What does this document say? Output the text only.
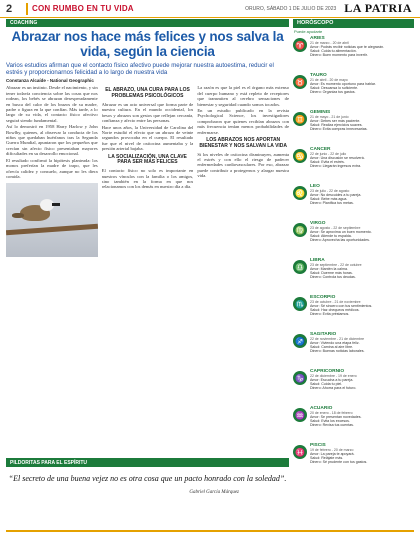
2	CON RUMBO EN TU VIDA	ORURO, SÁBADO 1 DE JULIO DE 2023 LA PATRIA
COACHING
Abrazar nos hace más felices y nos salva la vida, según la ciencia
Varios estudios afirman que el contacto físico afectivo puede mejorar nuestra autoestima, reducir el estrés y proporcionarnos felicidad a lo largo de nuestra vida
Constanza Alcaíde - National Geographic

Abrazar es un instinto. Desde el nacimiento, y sin tener todavía conciencia sobre las cosas que nos rodean, los bebés se abrazan desesperadamente en busca del calor de los brazos de su madre, padre o figura en la que confían. Más tarde, a lo largo de su vida, el contacto físico afectivo seguirá siendo fundamental.

Así lo demostró en 1958 Harry Harlow y John Bowlby, quienes, al observar la conducta de los niños que quedaban huérfanos tras la Segunda Guerra Mundial, apuntaron que los pequeños que crecían sin afecto físico presentaban mayores dificultades en su desarrollo emocional.

El resultado confirmó la hipótesis planteada: los monos preferían la madre de trapo, que les ofrecía calidez y consuelo, aunque no les diera comida.

EL ABRAZO, UNA CURA PARA LOS PROBLEMAS PSICOLÓGICOS

Abrazar es un acto universal que forma parte de nuestra cultura. En el mundo occidental, los besos y abrazos son gestos que reflejan cercanía, confianza y afecto entre las personas.

Hace unos años, la Universidad de Carolina del Norte estudió el efecto que un abrazo de veinte segundos provocaba en el cuerpo. El resultado fue que el nivel de oxitocina aumentaba y la presión arterial bajaba.

LA SOCIALIZACIÓN, UNA CLAVE PARA SER MÁS FELICES

El contacto físico no solo es importante en nuestros vínculos con la familia o los amigos, sino también en la forma en que nos relacionamos con los demás en nuestro día a día.

La razón es que la piel es el órgano más extenso del cuerpo humano y está repleto de receptores que transmiten al cerebro sensaciones de bienestar y seguridad cuando somos tocados.

En un estudio publicado en la revista Psychological Science, los investigadores comprobaron que quienes recibían abrazos con más frecuencia tenían menos probabilidades de enfermarse.

LOS ABRAZOS NOS APORTAN BIENESTAR Y NOS SALVAN LA VIDA

Si los niveles de oxitocina disminuyen, aumenta el estrés y con ello el riesgo de padecer enfermedades cardiovasculares. Por eso, abrazar puede contribuir a protegernos y alargar nuestra vida.

PILDORITAS PARA EL ESPÍRITU
“El secreto de una buena vejez no es otra cosa que un pacto honrado con la soledad”.
Gabriel García Márquez
HORÓSCOPO
Puede ayudarte
♈
ARIES
21 de marzo - 20 de abril
Amor: Podrás recibir noticias que te alegrarán.
Salud: Cuida tu alimentación.
Dinero: Buen momento para invertir.
♉
TAURO
21 de abril - 20 de mayo
Amor: Es momento oportuno para hablar.
Salud: Descansa lo suficiente.
Dinero: Organiza tus gastos.
♊
GÉMINIS
21 de mayo - 21 de junio
Amor: Debes ser más paciente.
Salud: Realiza ejercicios suaves.
Dinero: Evita compras innecesarias.
♋
CÁNCER
22 de junio - 22 de julio
Amor: Una discusión se resolverá.
Salud: Evita el estrés.
Dinero: Llegarán ingresos extra.
♌
LEO
23 de julio - 22 de agosto
Amor: No descuides a tu pareja.
Salud: Bebe más agua.
Dinero: Planifica tus metas.
♍
VIRGO
23 de agosto - 22 de septiembre
Amor: Se aproxima un buen momento.
Salud: Atiende tu espalda.
Dinero: Aprovecha las oportunidades.
♎
LIBRA
23 de septiembre - 22 de octubre
Amor: Mantén la calma.
Salud: Duerme más horas.
Dinero: Controla tus deudas.
♏
ESCORPIO
23 de octubre - 21 de noviembre
Amor: Sé sincero con tus sentimientos.
Salud: Haz chequeos médicos.
Dinero: Evita préstamos.
♐
SAGITARIO
22 de noviembre - 21 de diciembre
Amor: Viviendo una etapa feliz.
Salud: Camina al aire libre.
Dinero: Buenas noticias laborales.
♑
CAPRICORNIO
22 de diciembre - 19 de enero
Amor: Escucha a tu pareja.
Salud: Cuida tu piel.
Dinero: Ahorra para el futuro.
♒
ACUARIO
20 de enero - 18 de febrero
Amor: Se presentan novedades.
Salud: Evita los excesos.
Dinero: Revisa tus cuentas.
♓
PISCIS
19 de febrero - 20 de marzo
Amor: La pareja te apoyará.
Salud: Relájate más.
Dinero: Sé prudente con tus gastos.
